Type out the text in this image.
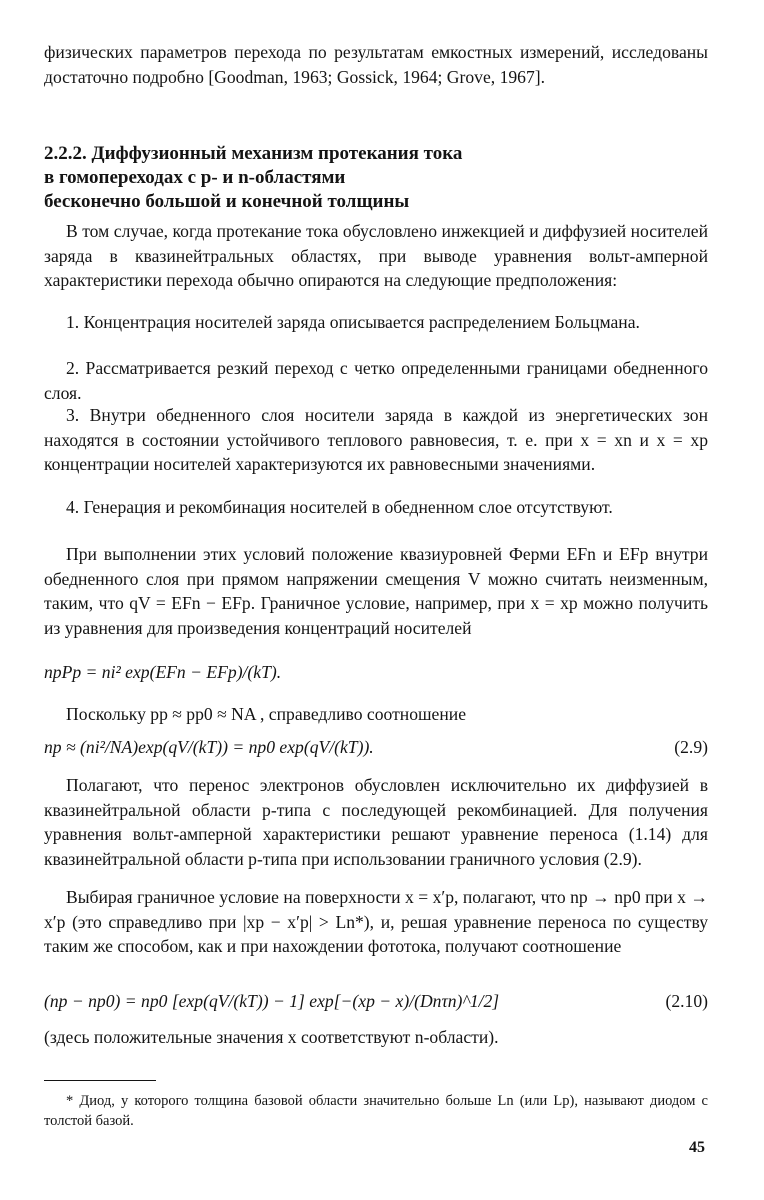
физических параметров перехода по результатам емкостных измерений, исследованы достаточно подробно [Goodman, 1963; Gossick, 1964; Grove, 1967].

2.2.2. Диффузионный механизм протекания тока
в гомопереходах с p- и n-областями
бесконечно большой и конечной толщины

В том случае, когда протекание тока обусловлено инжекцией и диффузией носителей заряда в квазинейтральных областях, при выводе уравнения вольт-амперной характеристики перехода обычно опираются на следующие предположения:

1. Концентрация носителей заряда описывается распределением Больцмана.

2. Рассматривается резкий переход с четко определенными границами обедненного слоя.

3. Внутри обедненного слоя носители заряда в каждой из энергетических зон находятся в состоянии устойчивого теплового равновесия, т. е. при x = xn и x = xp концентрации носителей характеризуются их равновесными значениями.

4. Генерация и рекомбинация носителей в обедненном слое отсутствуют.

При выполнении этих условий положение квазиуровней Ферми EFn и EFp внутри обедненного слоя при прямом напряжении смещения V можно считать неизменным, таким, что qV = EFn − EFp. Граничное условие, например, при x = xp можно получить из уравнения для произведения концентраций носителей

npPp = ni² exp(EFn − EFp)/(kT).

Поскольку pp ≈ pp0 ≈ NA , справедливо соотношение

np ≈ (ni²/NA)exp(qV/(kT)) = np0 exp(qV/(kT)).	(2.9)

Полагают, что перенос электронов обусловлен исключительно их диффузией в квазинейтральной области p-типа с последующей рекомбинацией. Для получения уравнения вольт-амперной характеристики решают уравнение переноса (1.14) для квазинейтральной области p-типа при использовании граничного условия (2.9).

Выбирая граничное условие на поверхности x = x′p, полагают, что np → np0 при x → x′p (это справедливо при |xp − x′p| > Ln*), и, решая уравнение переноса по существу таким же способом, как и при нахождении фототока, получают соотношение

(np − np0) = np0 [exp(qV/(kT)) − 1] exp[−(xp − x)/(Dnτn)^1/2]	(2.10)

(здесь положительные значения x соответствуют n-области).

* Диод, у которого толщина базовой области значительно больше Ln (или Lp), называют диодом с толстой базой.

45
